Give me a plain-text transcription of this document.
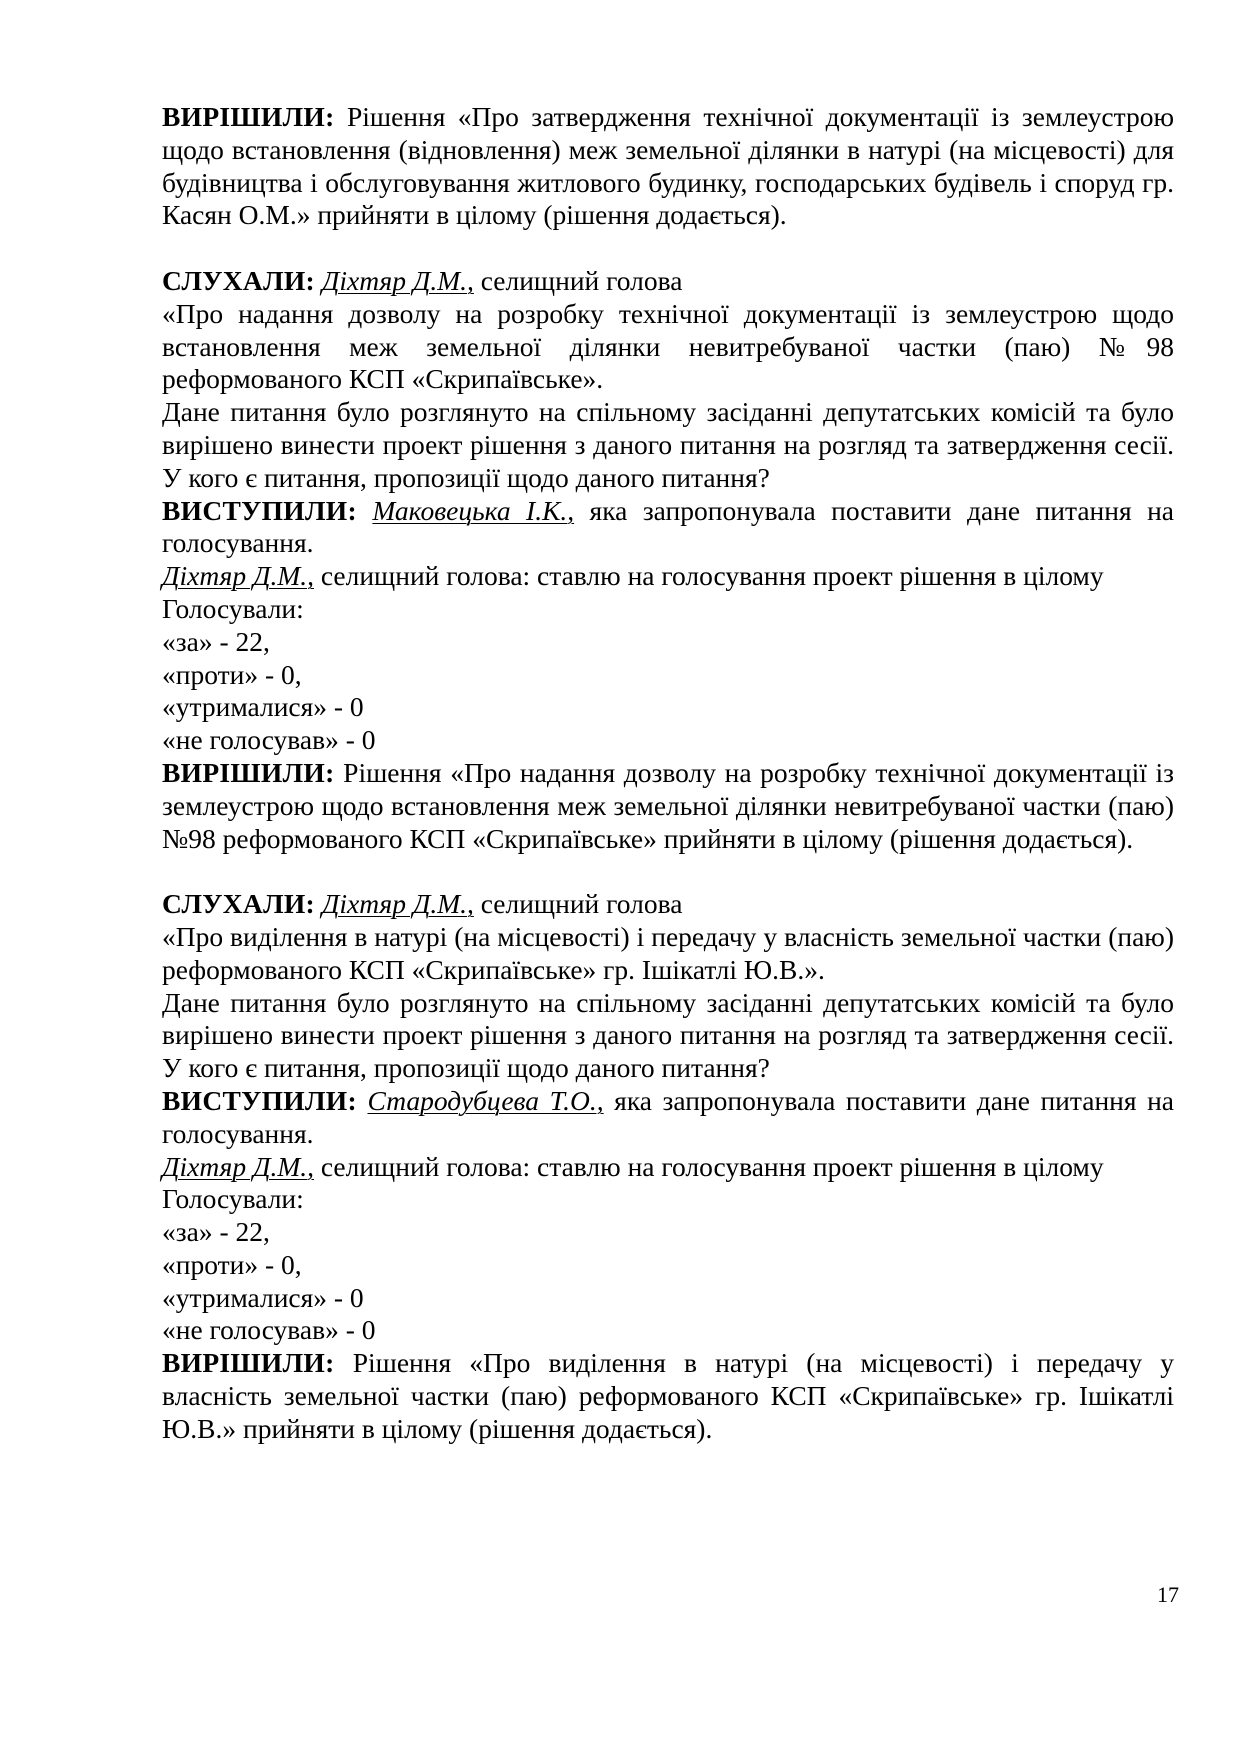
ВИРІШИЛИ: Рішення «Про затвердження технічної документації із землеустрою щодо встановлення (відновлення) меж земельної ділянки в натурі (на місцевості) для будівництва і обслуговування житлового будинку, господарських будівель і споруд гр. Касян О.М.» прийняти в цілому (рішення додається).

СЛУХАЛИ: Діхтяр Д.М., селищний голова

«Про надання дозволу на розробку технічної документації із землеустрою щодо встановлення меж земельної ділянки невитребуваної частки (паю) №98 реформованого КСП «Скрипаївське».

Дане питання було розглянуто на спільному засіданні депутатських комісій та було вирішено винести проект рішення з даного питання на розгляд та затвердження сесії. У кого є питання, пропозиції щодо даного питання?

ВИСТУПИЛИ: Маковецька І.К., яка запропонувала поставити дане питання на голосування.

Діхтяр Д.М., селищний голова: ставлю на голосування проект рішення в цілому

Голосували:

«за» - 22,

«проти» - 0,

«утрималися» - 0

«не голосував» - 0

ВИРІШИЛИ: Рішення «Про надання дозволу на розробку технічної документації із землеустрою щодо встановлення меж земельної ділянки невитребуваної частки (паю) №98 реформованого КСП «Скрипаївське» прийняти в цілому (рішення додається).

СЛУХАЛИ: Діхтяр Д.М., селищний голова

«Про виділення в натурі (на місцевості) і передачу у власність земельної частки (паю) реформованого КСП «Скрипаївське» гр. Ішікатлі Ю.В.».

Дане питання було розглянуто на спільному засіданні депутатських комісій та було вирішено винести проект рішення з даного питання на розгляд та затвердження сесії. У кого є питання, пропозиції щодо даного питання?

ВИСТУПИЛИ: Стародубцева Т.О., яка запропонувала поставити дане питання на голосування.

Діхтяр Д.М., селищний голова: ставлю на голосування проект рішення в цілому

Голосували:

«за» - 22,

«проти» - 0,

«утрималися» - 0

«не голосував» - 0

ВИРІШИЛИ: Рішення «Про виділення в натурі (на місцевості) і передачу у власність земельної частки (паю) реформованого КСП «Скрипаївське» гр. Ішікатлі Ю.В.» прийняти в цілому (рішення додається).

17
